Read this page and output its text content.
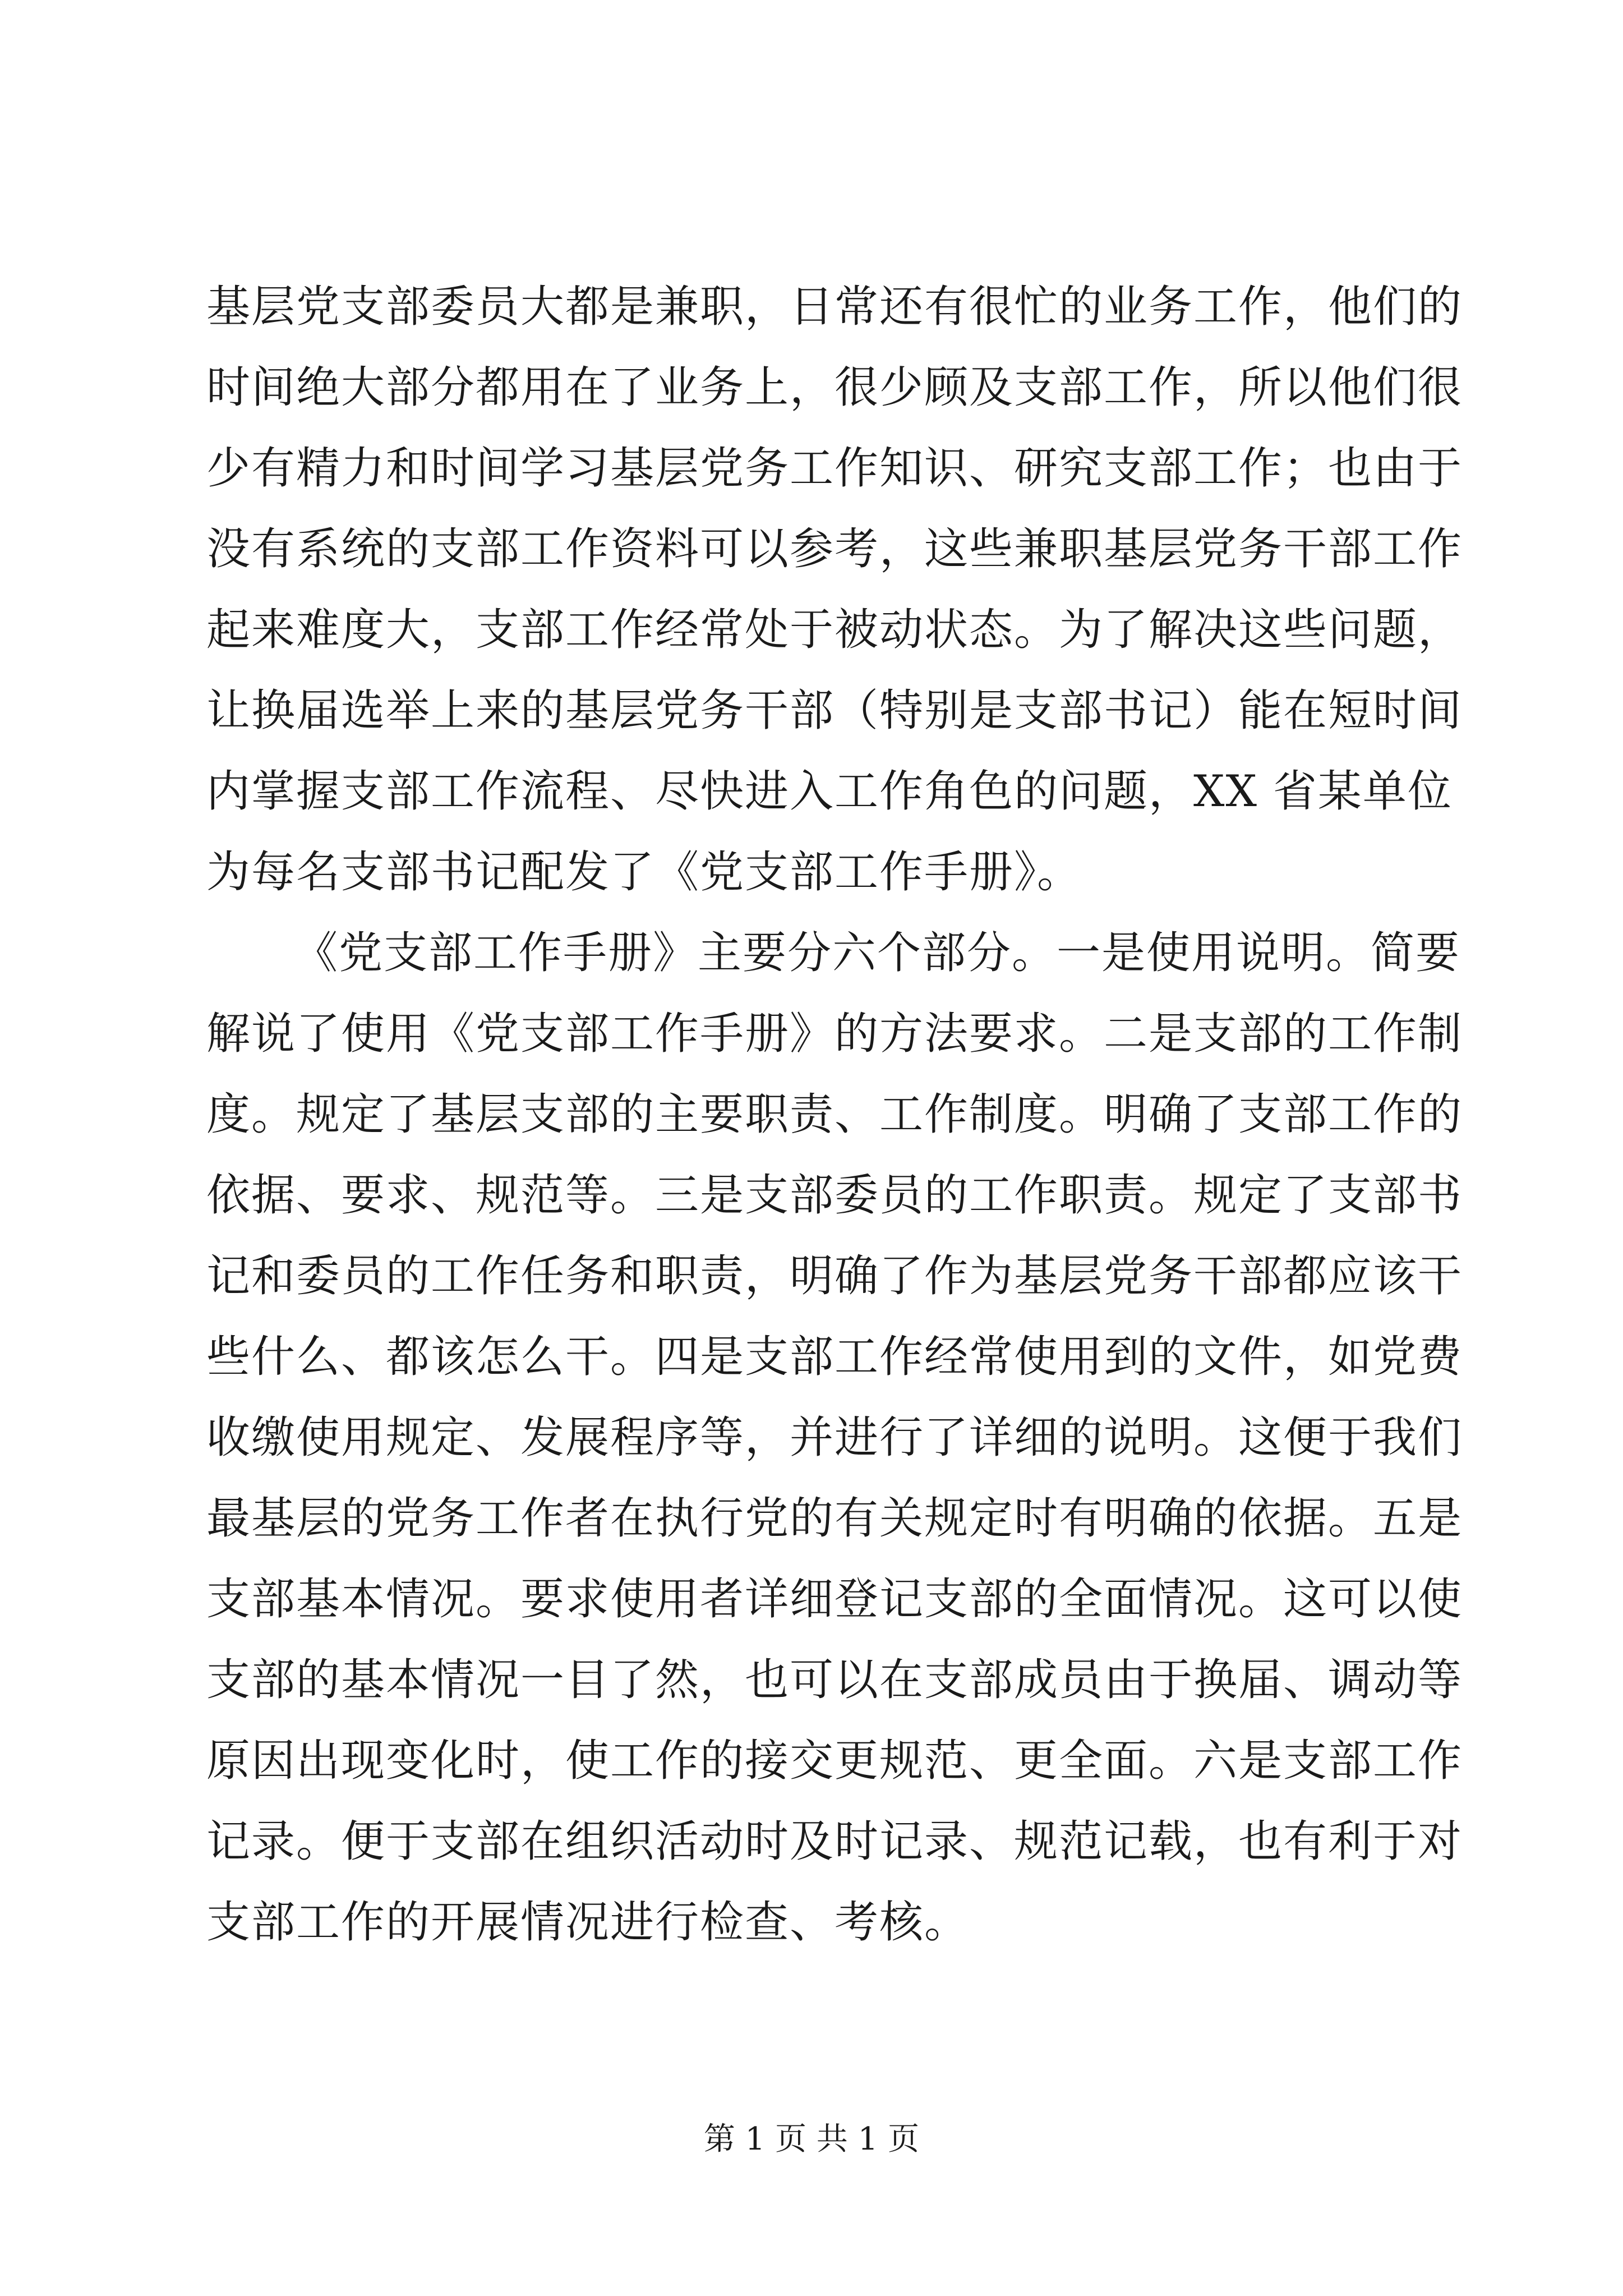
基层党支部委员大都是兼职，日常还有很忙的业务工作，他们的
时间绝大部分都用在了业务上，很少顾及支部工作，所以他们很
少有精力和时间学习基层党务工作知识、研究支部工作；也由于
没有系统的支部工作资料可以参考，这些兼职基层党务干部工作
起来难度大，支部工作经常处于被动状态。为了解决这些问题，
让换届选举上来的基层党务干部（特别是支部书记）能在短时间
内掌握支部工作流程、尽快进入工作角色的问题，XX 省某单位
为每名支部书记配发了《党支部工作手册》。
《党支部工作手册》主要分六个部分。一是使用说明。简要
解说了使用《党支部工作手册》的方法要求。二是支部的工作制
度。规定了基层支部的主要职责、工作制度。明确了支部工作的
依据、要求、规范等。三是支部委员的工作职责。规定了支部书
记和委员的工作任务和职责，明确了作为基层党务干部都应该干
些什么、都该怎么干。四是支部工作经常使用到的文件，如党费
收缴使用规定、发展程序等，并进行了详细的说明。这便于我们
最基层的党务工作者在执行党的有关规定时有明确的依据。五是
支部基本情况。要求使用者详细登记支部的全面情况。这可以使
支部的基本情况一目了然，也可以在支部成员由于换届、调动等
原因出现变化时，使工作的接交更规范、更全面。六是支部工作
记录。便于支部在组织活动时及时记录、规范记载，也有利于对
支部工作的开展情况进行检查、考核。
第 1 页 共 1 页
